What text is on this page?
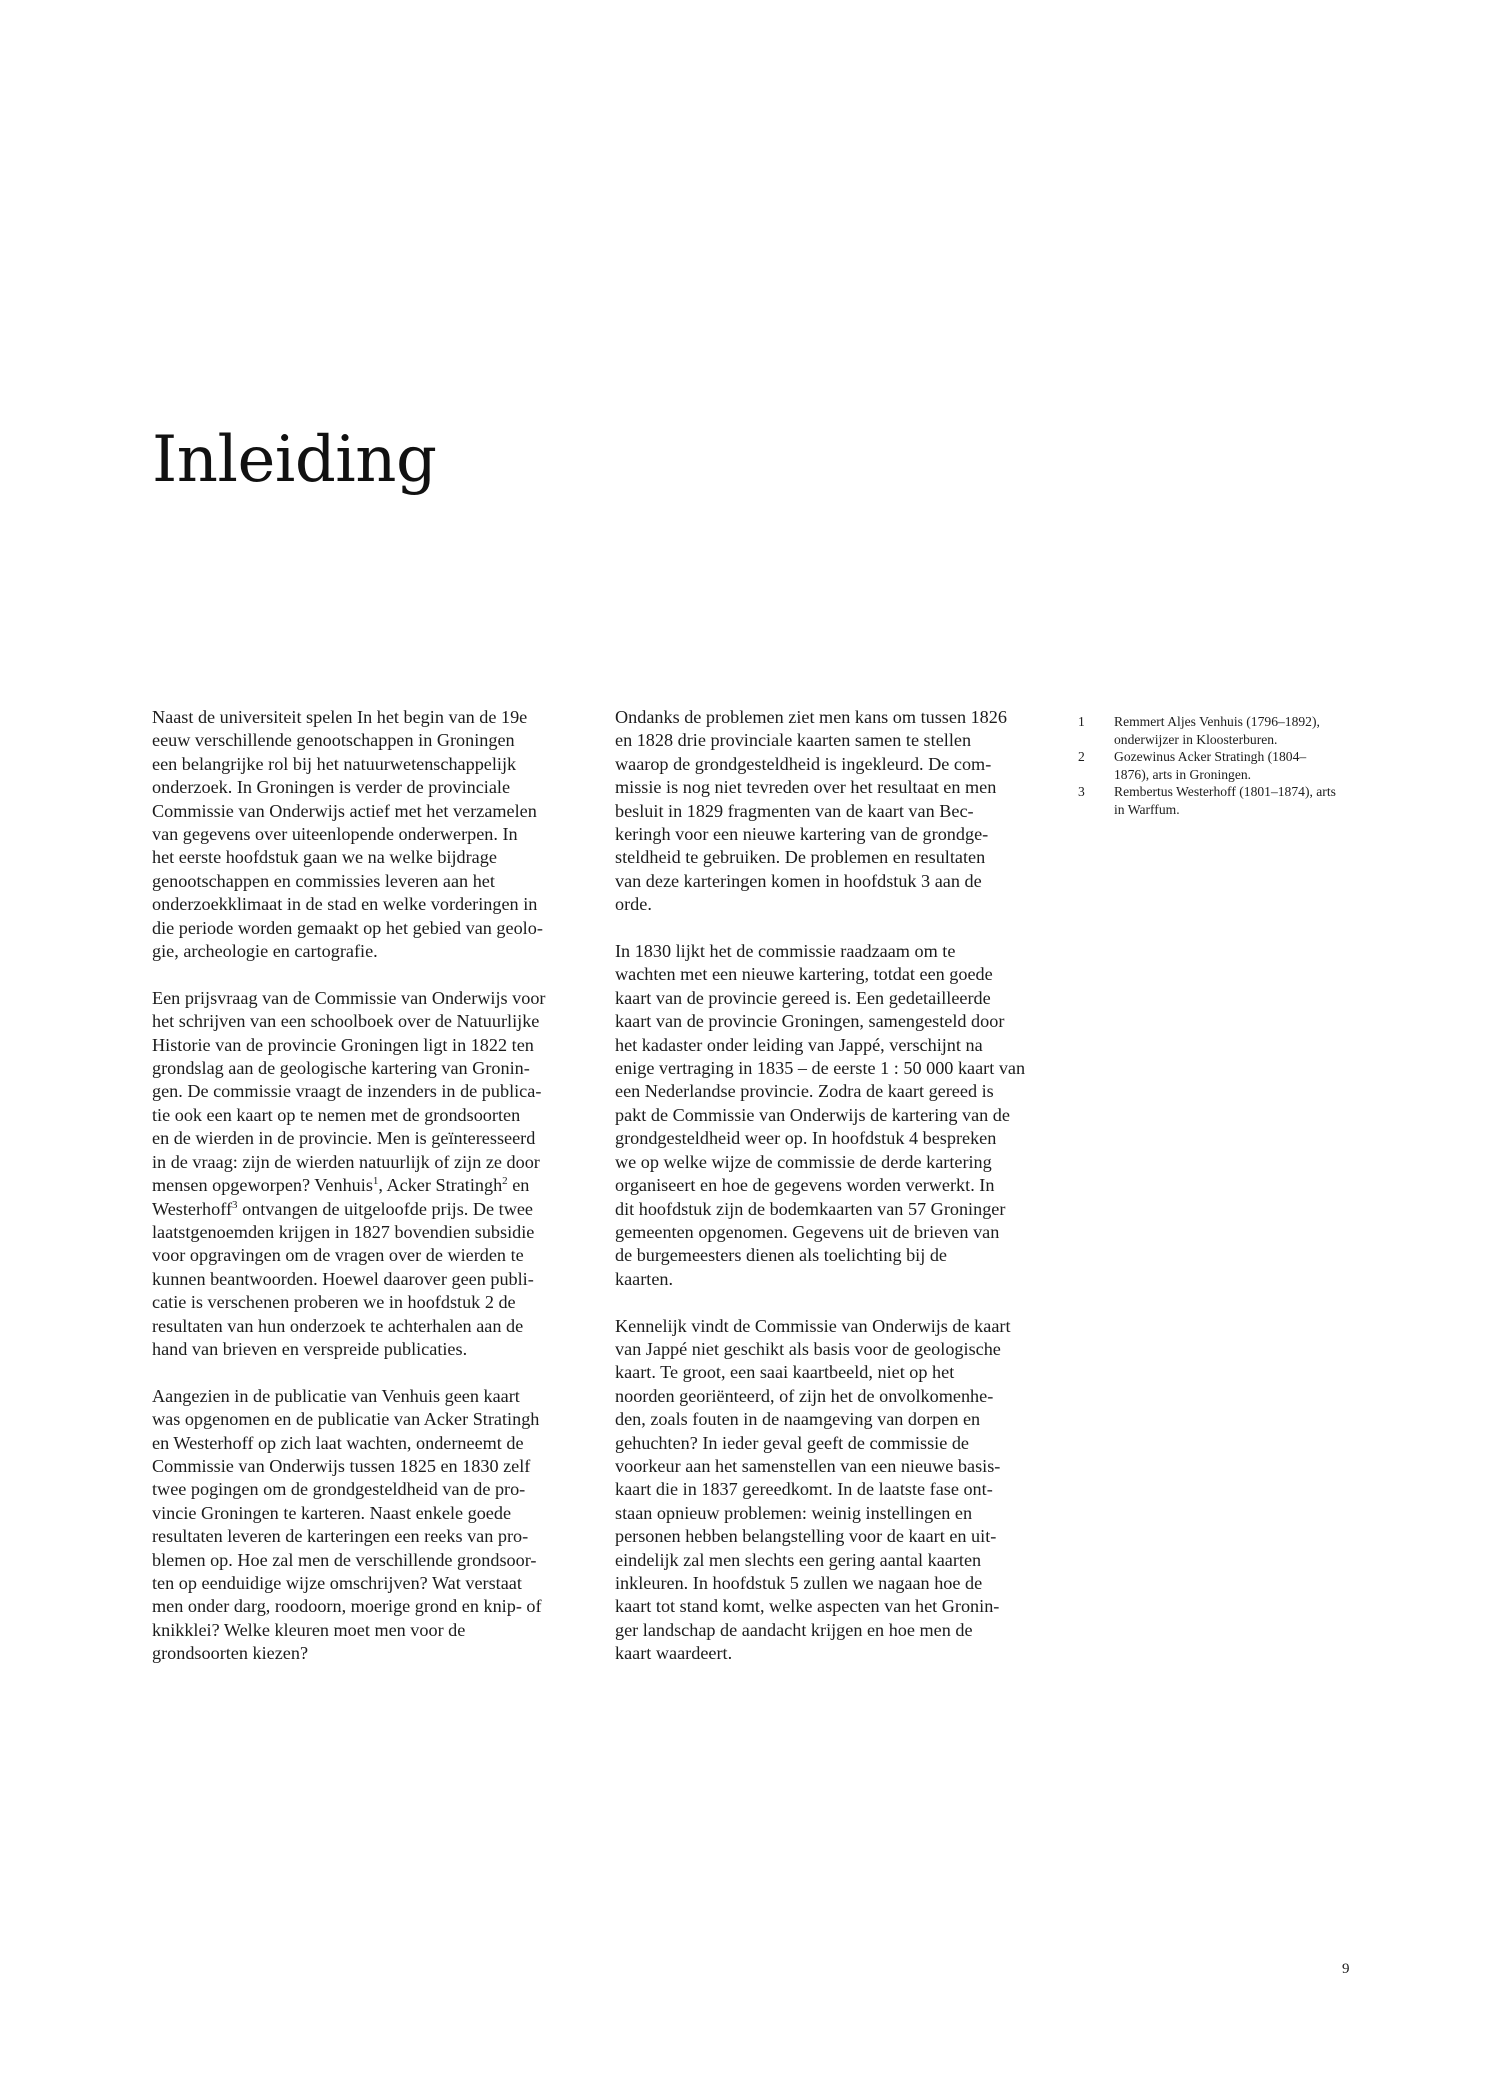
Inleiding

Naast de universiteit spelen In het begin van de 19e
eeuw verschillende genootschappen in Groningen
een belangrijke rol bij het natuurwetenschappelijk
onderzoek. In Groningen is verder de provinciale
Commissie van Onderwijs actief met het verzamelen
van gegevens over uiteenlopende onderwerpen. In
het eerste hoofdstuk gaan we na welke bijdrage
genootschappen en commissies leveren aan het
onderzoekklimaat in de stad en welke vorderingen in
die periode worden gemaakt op het gebied van geolo-
gie, archeologie en cartografie.

Een prijsvraag van de Commissie van Onderwijs voor
het schrijven van een schoolboek over de Natuurlijke
Historie van de provincie Groningen ligt in 1822 ten
grondslag aan de geologische kartering van Gronin-
gen. De commissie vraagt de inzenders in de publica-
tie ook een kaart op te nemen met de grondsoorten
en de wierden in de provincie. Men is geïnteresseerd
in de vraag: zijn de wierden natuurlijk of zijn ze door
mensen opgeworpen? Venhuis$^1$, Acker Stratingh$^2$ en
Westerhoff$^3$ ontvangen de uitgeloofde prijs. De twee
laatstgenoemden krijgen in 1827 bovendien subsidie
voor opgravingen om de vragen over de wierden te
kunnen beantwoorden. Hoewel daarover geen publi-
catie is verschenen proberen we in hoofdstuk 2 de
resultaten van hun onderzoek te achterhalen aan de
hand van brieven en verspreide publicaties.

Aangezien in de publicatie van Venhuis geen kaart
was opgenomen en de publicatie van Acker Stratingh
en Westerhoff op zich laat wachten, onderneemt de
Commissie van Onderwijs tussen 1825 en 1830 zelf
twee pogingen om de grondgesteldheid van de pro-
vincie Groningen te karteren. Naast enkele goede
resultaten leveren de karteringen een reeks van pro-
blemen op. Hoe zal men de verschillende grondsoor-
ten op eenduidige wijze omschrijven? Wat verstaat
men onder darg, roodoorn, moerige grond en knip- of
knikklei? Welke kleuren moet men voor de
grondsoorten kiezen?

Ondanks de problemen ziet men kans om tussen 1826
en 1828 drie provinciale kaarten samen te stellen
waarop de grondgesteldheid is ingekleurd. De com-
missie is nog niet tevreden over het resultaat en men
besluit in 1829 fragmenten van de kaart van Bec-
keringh voor een nieuwe kartering van de grondge-
steldheid te gebruiken. De problemen en resultaten
van deze karteringen komen in hoofdstuk 3 aan de
orde.

In 1830 lijkt het de commissie raadzaam om te
wachten met een nieuwe kartering, totdat een goede
kaart van de provincie gereed is. Een gedetailleerde
kaart van de provincie Groningen, samengesteld door
het kadaster onder leiding van Jappé, verschijnt na
enige vertraging in 1835 – de eerste 1 : 50 000 kaart van
een Nederlandse provincie. Zodra de kaart gereed is
pakt de Commissie van Onderwijs de kartering van de
grondgesteldheid weer op. In hoofdstuk 4 bespreken
we op welke wijze de commissie de derde kartering
organiseert en hoe de gegevens worden verwerkt. In
dit hoofdstuk zijn de bodemkaarten van 57 Groninger
gemeenten opgenomen. Gegevens uit de brieven van
de burgemeesters dienen als toelichting bij de
kaarten.

Kennelijk vindt de Commissie van Onderwijs de kaart
van Jappé niet geschikt als basis voor de geologische
kaart. Te groot, een saai kaartbeeld, niet op het
noorden georiënteerd, of zijn het de onvolkomenhe-
den, zoals fouten in de naamgeving van dorpen en
gehuchten? In ieder geval geeft de commissie de
voorkeur aan het samenstellen van een nieuwe basis-
kaart die in 1837 gereedkomt. In de laatste fase ont-
staan opnieuw problemen: weinig instellingen en
personen hebben belangstelling voor de kaart en uit-
eindelijk zal men slechts een gering aantal kaarten
inkleuren. In hoofdstuk 5 zullen we nagaan hoe de
kaart tot stand komt, welke aspecten van het Gronin-
ger landschap de aandacht krijgen en hoe men de
kaart waardeert.

1	Remmert Aljes Venhuis (1796–1892),
onderwijzer in Kloosterburen.
2	Gozewinus Acker Stratingh (1804–
1876), arts in Groningen.
3	Rembertus Westerhoff (1801–1874), arts
in Warffum.
9
